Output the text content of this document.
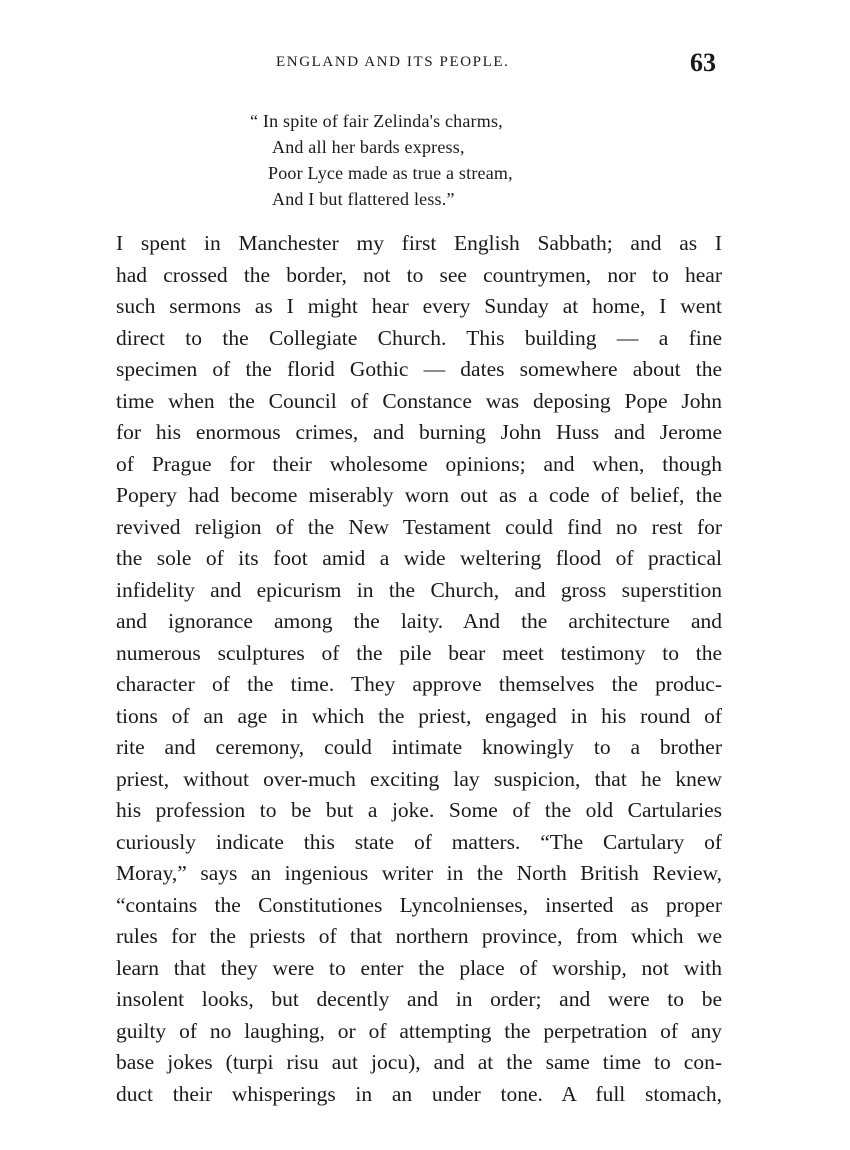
ENGLAND AND ITS PEOPLE.	63
“ In spite of fair Zelinda's charms,
And all her bards express,
Poor Lyce made as true a stream,
And I but flattered less.”
I spent in Manchester my first English Sabbath; and as I
had crossed the border, not to see countrymen, nor to hear
such sermons as I might hear every Sunday at home, I went
direct to the Collegiate Church. This building — a fine
specimen of the florid Gothic — dates somewhere about the
time when the Council of Constance was deposing Pope John
for his enormous crimes, and burning John Huss and Jerome
of Prague for their wholesome opinions; and when, though
Popery had become miserably worn out as a code of belief, the
revived religion of the New Testament could find no rest for
the sole of its foot amid a wide weltering flood of practical
infidelity and epicurism in the Church, and gross superstition
and ignorance among the laity. And the architecture and
numerous sculptures of the pile bear meet testimony to the
character of the time. They approve themselves the produc-
tions of an age in which the priest, engaged in his round of
rite and ceremony, could intimate knowingly to a brother
priest, without over-much exciting lay suspicion, that he knew
his profession to be but a joke. Some of the old Cartularies
curiously indicate this state of matters. “The Cartulary of
Moray,” says an ingenious writer in the North British Review,
“contains the Constitutiones Lyncolnienses, inserted as proper
rules for the priests of that northern province, from which we
learn that they were to enter the place of worship, not with
insolent looks, but decently and in order; and were to be
guilty of no laughing, or of attempting the perpetration of any
base jokes (turpi risu aut jocu), and at the same time to con-
duct their whisperings in an under tone. A full stomach,
